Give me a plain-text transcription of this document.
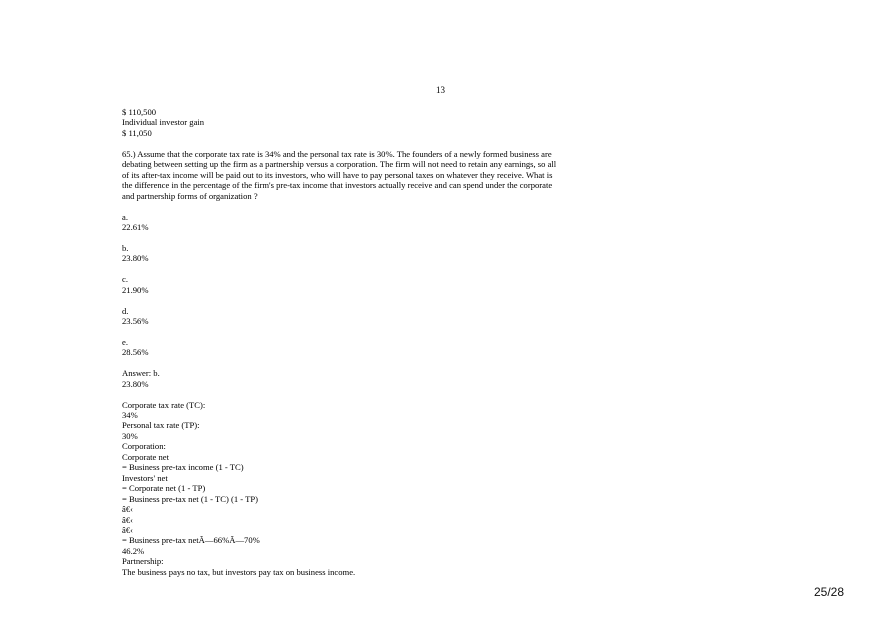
13
$ 110,500
Individual investor gain
$ 11,050
65.) Assume that the corporate tax rate is 34% and the personal tax rate is 30%. The founders of a newly formed business are
debating between setting up the firm as a partnership versus a corporation. The firm will not need to retain any earnings, so all
of its after-tax income will be paid out to its investors, who will have to pay personal taxes on whatever they receive. What is
the difference in the percentage of the firm's pre-tax income that investors actually receive and can spend under the corporate
and partnership forms of organization ?
a.
22.61%
b.
23.80%
c.
21.90%
d.
23.56%
e.
28.56%
Answer: b.
23.80%
Corporate tax rate (TC):
34%
Personal tax rate (TP):
30%
Corporation:
Corporate net
= Business pre-tax income (1 - TC)
Investors' net
= Corporate net (1 - TP)
= Business pre-tax net (1 - TC) (1 - TP)
â€‹
â€‹
â€‹
= Business pre-tax netÃ—66%Ã—70%
46.2%
Partnership:
The business pays no tax, but investors pay tax on business income.
25/28
